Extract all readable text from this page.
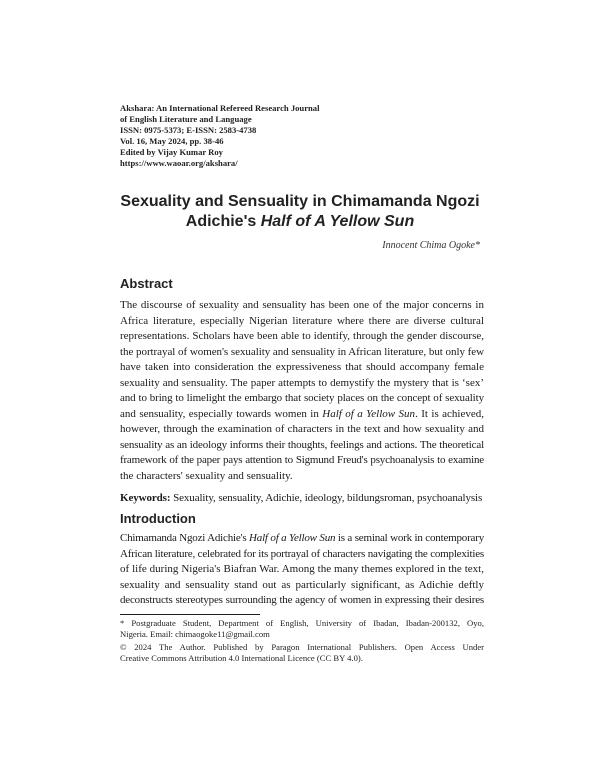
Akshara: An International Refereed Research Journal
of English Literature and Language
ISSN: 0975-5373; E-ISSN: 2583-4738
Vol. 16, May 2024, pp. 38-46
Edited by Vijay Kumar Roy
https://www.waoar.org/akshara/
Sexuality and Sensuality in Chimamanda Ngozi
Adichie's Half of A Yellow Sun
Innocent Chima Ogoke*
Abstract
The discourse of sexuality and sensuality has been one of the major concerns in
Africa literature, especially Nigerian literature where there are diverse cultural
representations. Scholars have been able to identify, through the gender discourse,
the portrayal of women's sexuality and sensuality in African literature, but only few
have taken into consideration the expressiveness that should accompany female
sexuality and sensuality. The paper attempts to demystify the mystery that is ‘sex’
and to bring to limelight the embargo that society places on the concept of sexuality
and sensuality, especially towards women in Half of a Yellow Sun. It is achieved,
however, through the examination of characters in the text and how sexuality and
sensuality as an ideology informs their thoughts, feelings and actions. The theoretical
framework of the paper pays attention to Sigmund Freud's psychoanalysis to examine
the characters' sexuality and sensuality.
Keywords: Sexuality, sensuality, Adichie, ideology, bildungsroman, psychoanalysis
Introduction
Chimamanda Ngozi Adichie's Half of a Yellow Sun is a seminal work in contemporary
African literature, celebrated for its portrayal of characters navigating the complexities
of life during Nigeria's Biafran War. Among the many themes explored in the text,
sexuality and sensuality stand out as particularly significant, as Adichie deftly
deconstructs stereotypes surrounding the agency of women in expressing their desires
* Postgraduate Student, Department of English, University of Ibadan, Ibadan-200132, Oyo,
Nigeria. Email: chimaogoke11@gmail.com
© 2024 The Author. Published by Paragon International Publishers. Open Access Under
Creative Commons Attribution 4.0 International Licence (CC BY 4.0).
